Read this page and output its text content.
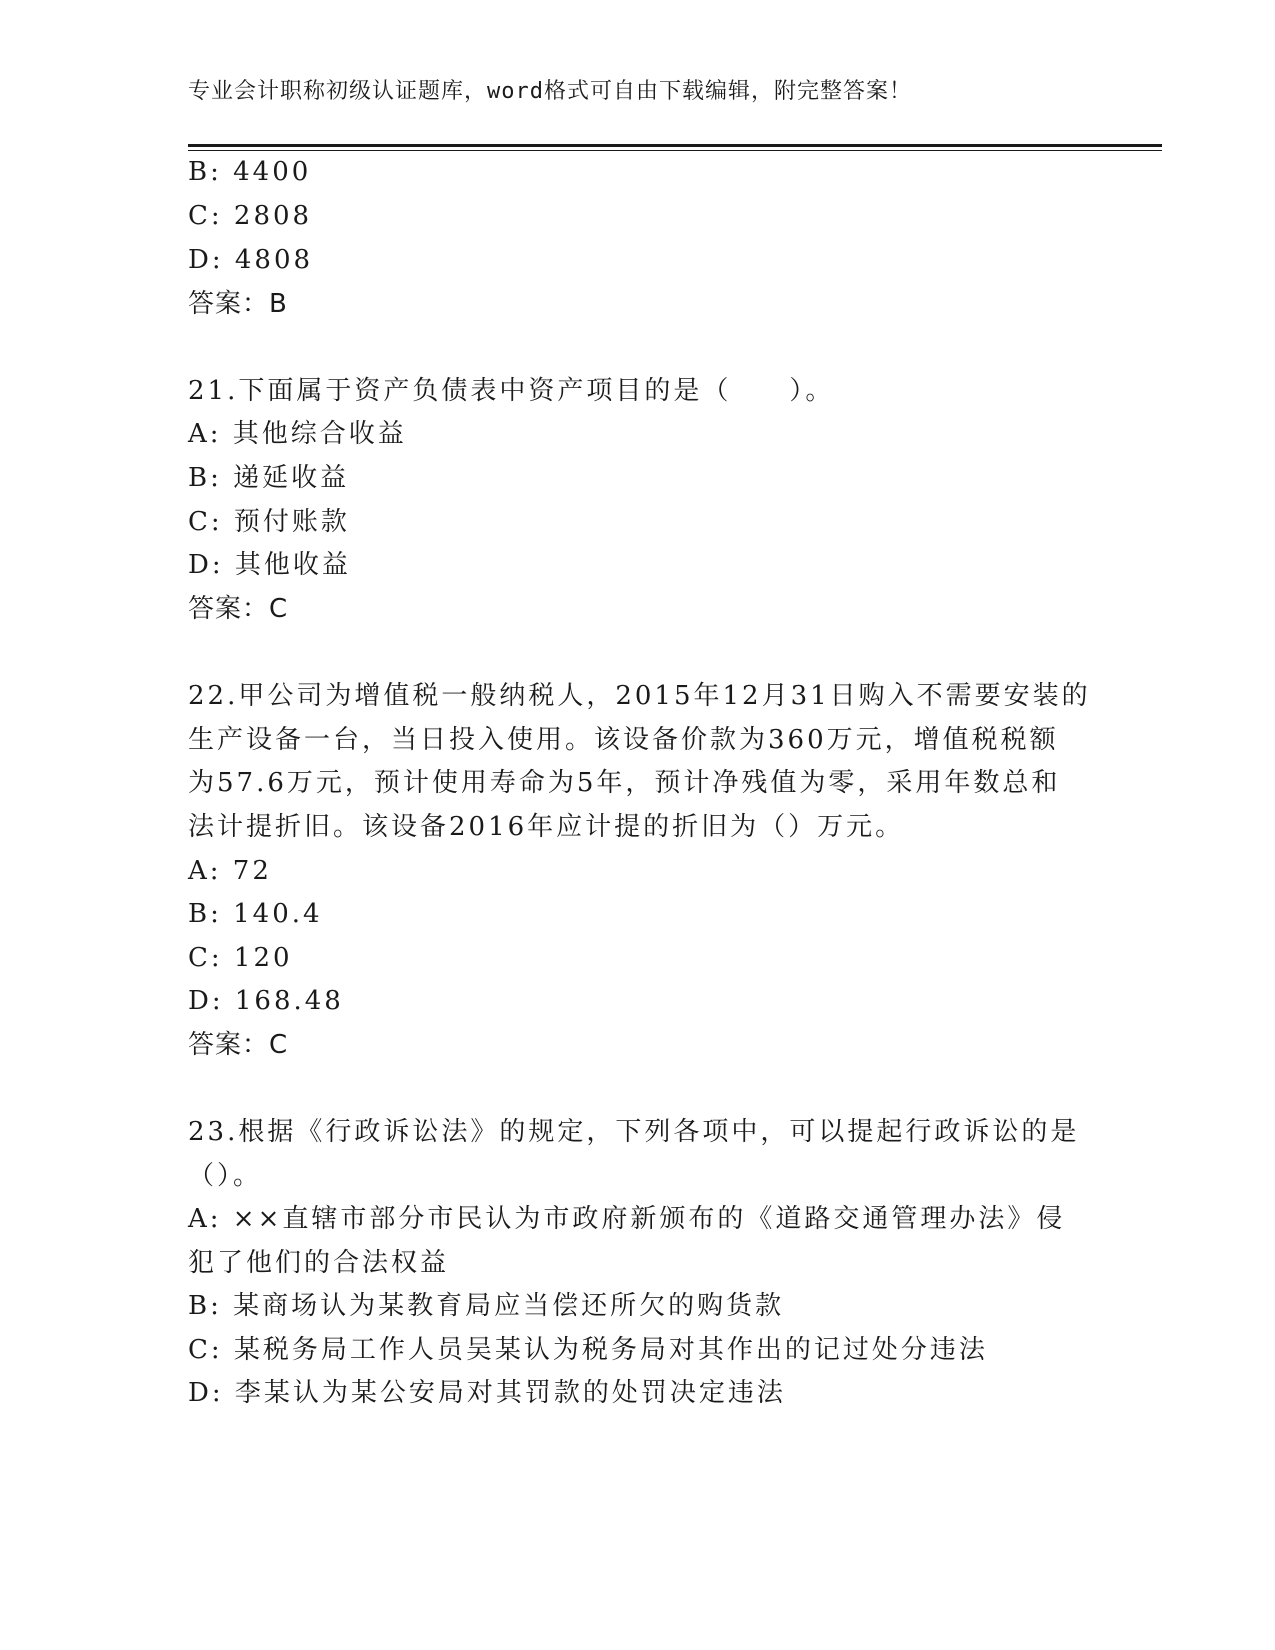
专业会计职称初级认证题库，word格式可自由下载编辑，附完整答案！
B: 4400
C: 2808
D: 4808
答案：B
21.下面属于资产负债表中资产项目的是（　　）。
A: 其他综合收益
B: 递延收益
C: 预付账款
D: 其他收益
答案：C
22.甲公司为增值税一般纳税人，2015年12月31日购入不需要安装的
生产设备一台，当日投入使用。该设备价款为360万元，增值税税额
为57.6万元，预计使用寿命为5年，预计净残值为零，采用年数总和
法计提折旧。该设备2016年应计提的折旧为（）万元。
A: 72
B: 140.4
C: 120
D: 168.48
答案：C
23.根据《行政诉讼法》的规定，下列各项中，可以提起行政诉讼的是
（）。
A: ××直辖市部分市民认为市政府新颁布的《道路交通管理办法》侵
犯了他们的合法权益
B: 某商场认为某教育局应当偿还所欠的购货款
C: 某税务局工作人员吴某认为税务局对其作出的记过处分违法
D: 李某认为某公安局对其罚款的处罚决定违法
